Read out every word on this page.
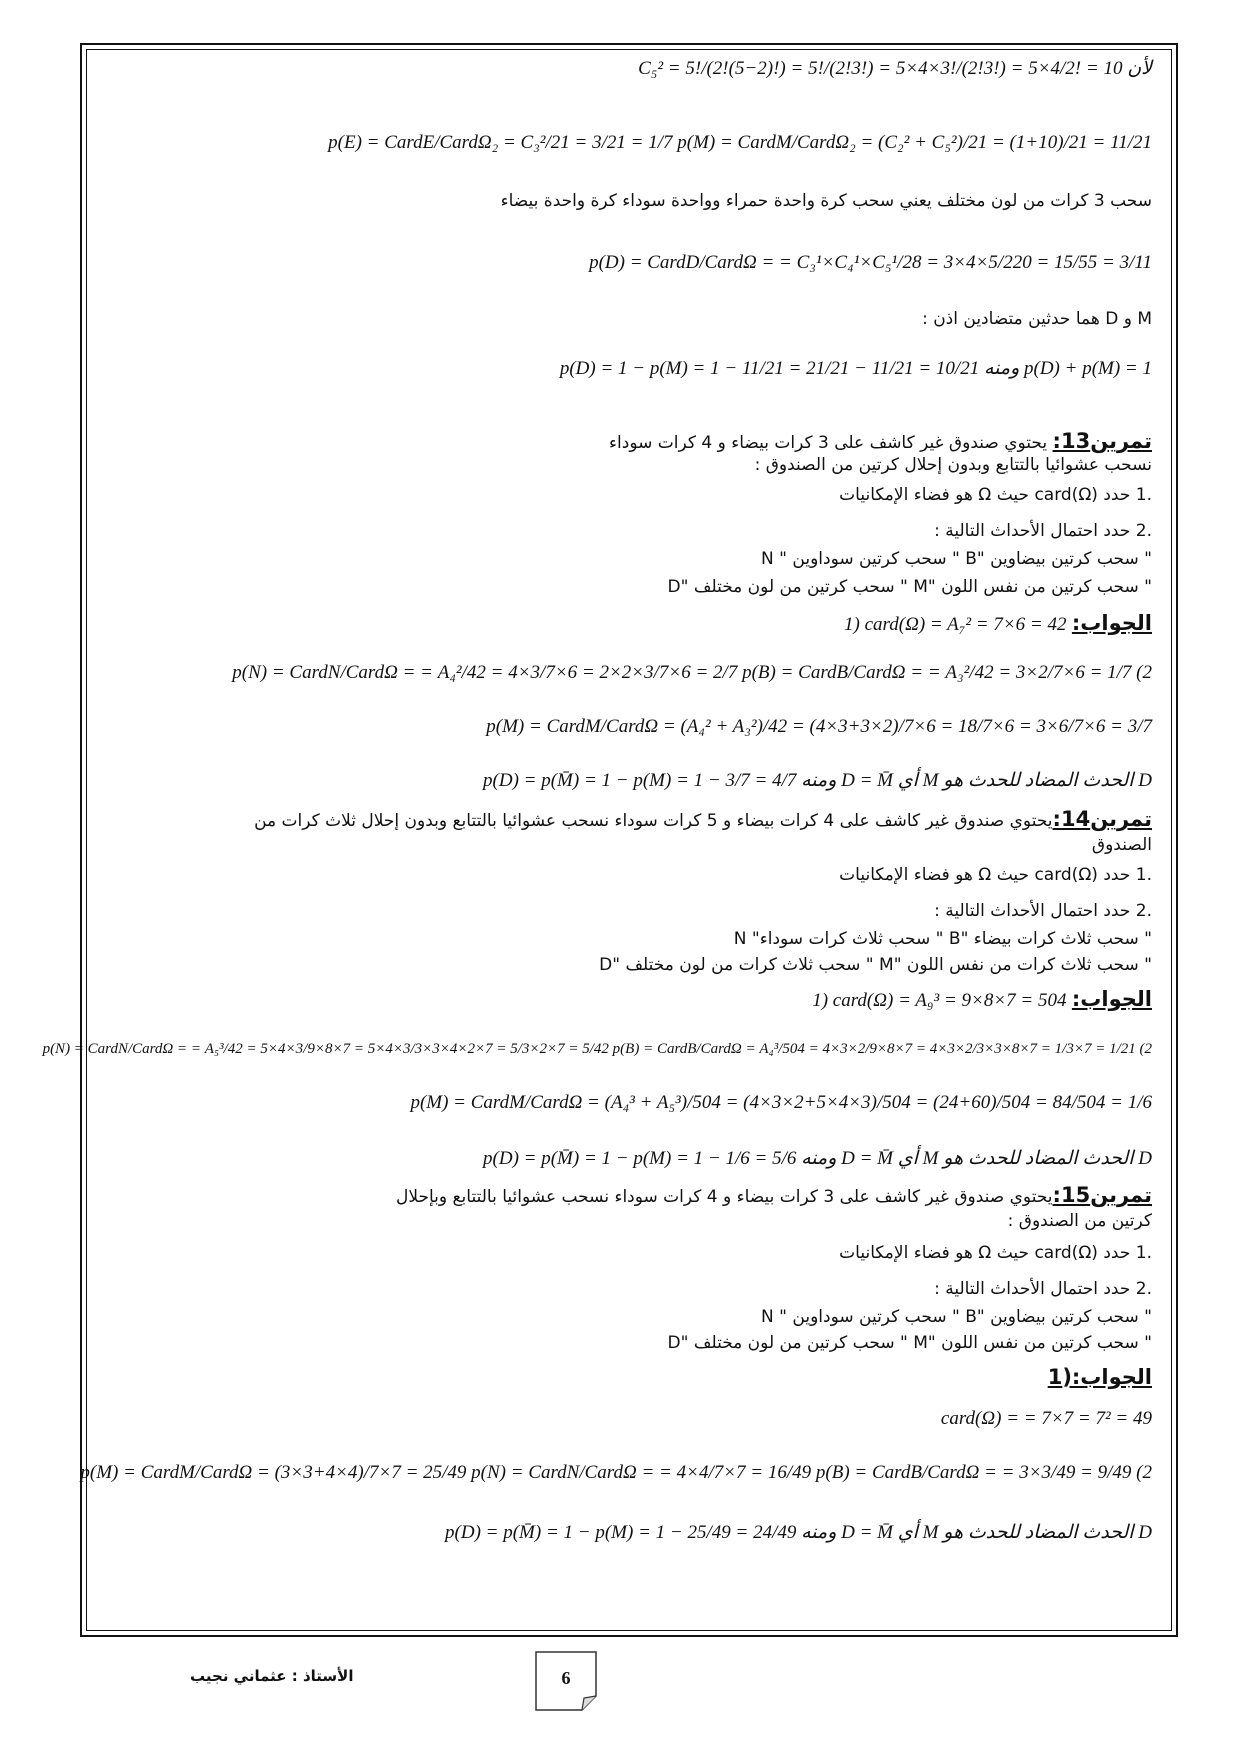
C₅² = 5!/(2!(5−2)!) = 5!/(2!3!) = 5×4×3!/(2!3!) = 5×4/2! = 10 لأن
p(E) = CardE/CardΩ₂ = C₃²/21 = 3/21 = 1/7 p(M) = CardM/CardΩ₂ = (C₂² + C₅²)/21 = (1+10)/21 = 11/21
سحب 3 كرات من لون مختلف يعني سحب كرة واحدة حمراء وواحدة سوداء كرة واحدة بيضاء
p(D) = CardD/CardΩ = = C₃¹×C₄¹×C₅¹/28 = 3×4×5/220 = 15/55 = 3/11
M و D هما حدثين متضادين اذن :
p(D) = 1 − p(M) = 1 − 11/21 = 21/21 − 11/21 = 10/21 ومنه p(D) + p(M) = 1
تمرين13: يحتوي صندوق غير كاشف على 3 كرات بيضاء و 4 كرات سوداء
نسحب عشوائيا بالتتابع وبدون إحلال كرتين من الصندوق :
.1 حدد card(Ω) حيث Ω هو فضاء الإمكانيات
.2 حدد احتمال الأحداث التالية :
" سحب كرتين بيضاوين "B " سحب كرتين سوداوين " N
" سحب كرتين من نفس اللون "M " سحب كرتين من لون مختلف "D
الجواب: 1) card(Ω) = A₇² = 7×6 = 42
p(N) = CardN/CardΩ = = A₄²/42 = 4×3/7×6 = 2×2×3/7×6 = 2/7 p(B) = CardB/CardΩ = = A₃²/42 = 3×2/7×6 = 1/7 (2
p(M) = CardM/CardΩ = (A₄² + A₃²)/42 = (4×3+3×2)/7×6 = 18/7×6 = 3×6/7×6 = 3/7
p(D) = p(M̄) = 1 − p(M) = 1 − 3/7 = 4/7 ومنه D = M̄ أي M الحدث المضاد للحدث هو D
تمرين14:يحتوي صندوق غير كاشف على 4 كرات بيضاء و 5 كرات سوداء نسحب عشوائيا بالتتابع وبدون إحلال ثلاث كرات من
الصندوق
.1 حدد card(Ω) حيث Ω هو فضاء الإمكانيات
.2 حدد احتمال الأحداث التالية :
" سحب ثلاث كرات بيضاء "B " سحب ثلاث كرات سوداء" N
" سحب ثلاث كرات من نفس اللون "M " سحب ثلاث كرات من لون مختلف "D
الجواب: 1) card(Ω) = A₉³ = 9×8×7 = 504
p(N) = CardN/CardΩ = = A₅³/42 = 5×4×3/9×8×7 = 5×4×3/3×3×4×2×7 = 5/3×2×7 = 5/42 p(B) = CardB/CardΩ = A₄³/504 = 4×3×2/9×8×7 = 4×3×2/3×3×8×7 = 1/3×7 = 1/21 (2
p(M) = CardM/CardΩ = (A₄³ + A₅³)/504 = (4×3×2+5×4×3)/504 = (24+60)/504 = 84/504 = 1/6
p(D) = p(M̄) = 1 − p(M) = 1 − 1/6 = 5/6 ومنه D = M̄ أي M الحدث المضاد للحدث هو D
تمرين15:يحتوي صندوق غير كاشف على 3 كرات بيضاء و 4 كرات سوداء نسحب عشوائيا بالتتابع وبإحلال
كرتين من الصندوق :
.1 حدد card(Ω) حيث Ω هو فضاء الإمكانيات
.2 حدد احتمال الأحداث التالية :
" سحب كرتين بيضاوين "B " سحب كرتين سوداوين " N
" سحب كرتين من نفس اللون "M " سحب كرتين من لون مختلف "D
الجواب:(1
card(Ω) = = 7×7 = 7² = 49
p(M) = CardM/CardΩ = (3×3+4×4)/7×7 = 25/49 p(N) = CardN/CardΩ = = 4×4/7×7 = 16/49 p(B) = CardB/CardΩ = = 3×3/49 = 9/49 (2
p(D) = p(M̄) = 1 − p(M) = 1 − 25/49 = 24/49 ومنه D = M̄ أي M الحدث المضاد للحدث هو D
الأستاذ : عثماني نجيب	6
